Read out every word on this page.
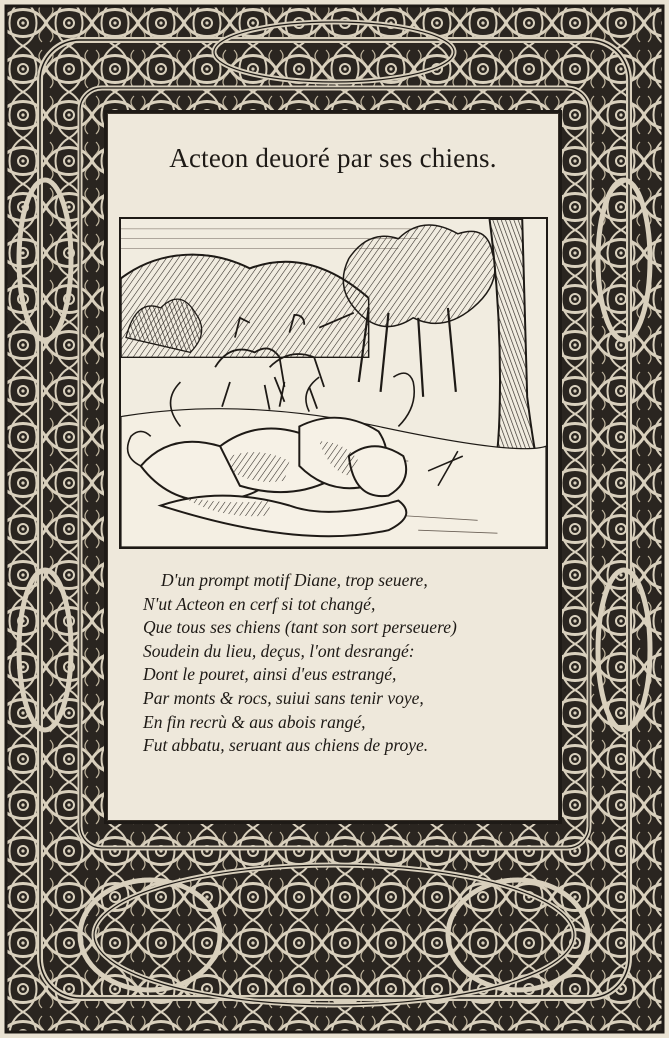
Acteon deuoré par ses chiens.
D'un prompt motif Diane, trop seuere,
N'ut Acteon en cerf si tot changé,
Que tous ses chiens (tant son sort perseuere)
Soudein du lieu, deçus, l'ont desrangé:
Dont le pouret, ainsi d'eus estrangé,
Par monts & rocs, suiui sans tenir voye,
En fin recrù & aus abois rangé,
Fut abbatu, seruant aus chiens de proye.
